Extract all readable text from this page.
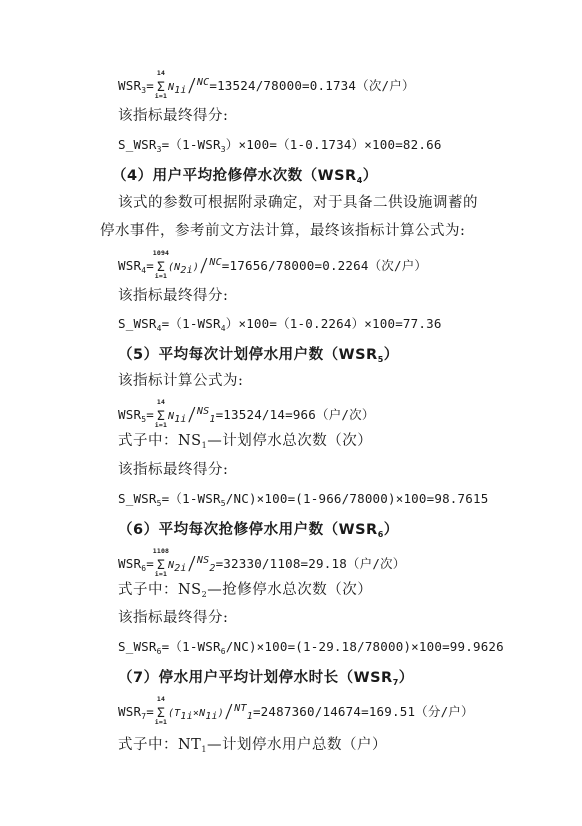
$WSR_3=$
14
Σ
i=1
$N_{1i}/^{NC}=13524/78000=0.1734$（次/户）
该指标最终得分:
$S\_WSR_3=(1-WSR_3)\times 100=(1-0.1734)\times 100=82.66$
（4）用户平均抢修停水次数$(WSR_4)$
该式的参数可根据附录确定，对于具备二供设施调蓄的
停水事件，参考前文方法计算，最终该指标计算公式为:
$WSR_4=$
1094
Σ
i=1
$(N_{2i})/^{NC}=17656/78000=0.2264$（次/户）
该指标最终得分:
$S\_WSR_4=(1-WSR_4)\times 100=(1-0.2264)\times 100=77.36$
（5）平均每次计划停水用户数$(WSR_5)$
该指标计算公式为:
$WSR_5=$
14
Σ
i=1
$N_{1i}/^{NS}_1=13524/14=966$（户/次）
式子中：$NS_1—$计划停水总次数（次）
该指标最终得分:
$S\_WSR_5=(1-WSR_5/NC)\times 100=(1-966/78000)\times 100=98.7615$
（6）平均每次抢修停水用户数$(WSR_6)$
$WSR_6=$
1108
Σ
i=1
$N_{2i}/^{NS}_2=32330/1108=29.18$（户/次）
式子中：$NS_2—$抢修停水总次数（次）
该指标最终得分:
$S\_WSR_6=(1-WSR_6/NC)\times 100=(1-29.18/78000)\times 100=99.9626$
（7）停水用户平均计划停水时长$(WSR_7)$
$WSR_7=$
14
Σ
i=1
$(T_{1i}\times N_{1i})/^{NT}_1=2487360/14674=169.51$（分/户）
式子中：$NT_1—$计划停水用户总数（户）
